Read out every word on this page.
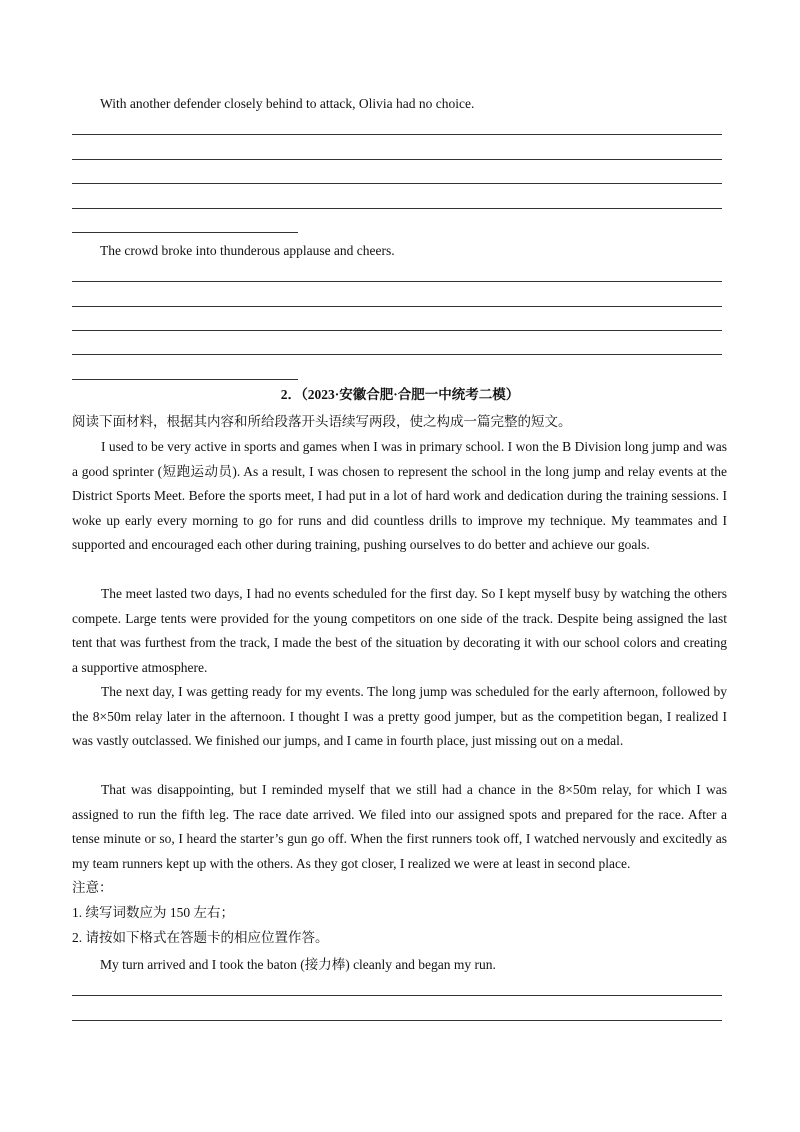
With another defender closely behind to attack, Olivia had no choice.
The crowd broke into thunderous applause and cheers.
2．（2023·安徽合肥·合肥一中统考二模）
阅读下面材料，根据其内容和所给段落开头语续写两段，使之构成一篇完整的短文。

I used to be very active in sports and games when I was in primary school. I won the B Division long jump and was a good sprinter (短跑运动员). As a result, I was chosen to represent the school in the long jump and relay events at the District Sports Meet. Before the sports meet, I had put in a lot of hard work and dedication during the training sessions. I woke up early every morning to go for runs and did countless drills to improve my technique. My teammates and I supported and encouraged each other during training, pushing ourselves to do better and achieve our goals.

The meet lasted two days, I had no events scheduled for the first day. So I kept myself busy by watching the others compete. Large tents were provided for the young competitors on one side of the track. Despite being assigned the last tent that was furthest from the track, I made the best of the situation by decorating it with our school colors and creating a supportive atmosphere.

The next day, I was getting ready for my events. The long jump was scheduled for the early afternoon, followed by the 8×50m relay later in the afternoon. I thought I was a pretty good jumper, but as the competition began, I realized I was vastly outclassed. We finished our jumps, and I came in fourth place, just missing out on a medal.

That was disappointing, but I reminded myself that we still had a chance in the 8×50m relay, for which I was assigned to run the fifth leg. The race date arrived. We filed into our assigned spots and prepared for the race. After a tense minute or so, I heard the starter’s gun go off. When the first runners took off, I watched nervously and excitedly as my team runners kept up with the others. As they got closer, I realized we were at least in second place.

注意：
1. 续写词数应为 150 左右；
2. 请按如下格式在答题卡的相应位置作答。
My turn arrived and I took the baton (接力棒) cleanly and began my run.
